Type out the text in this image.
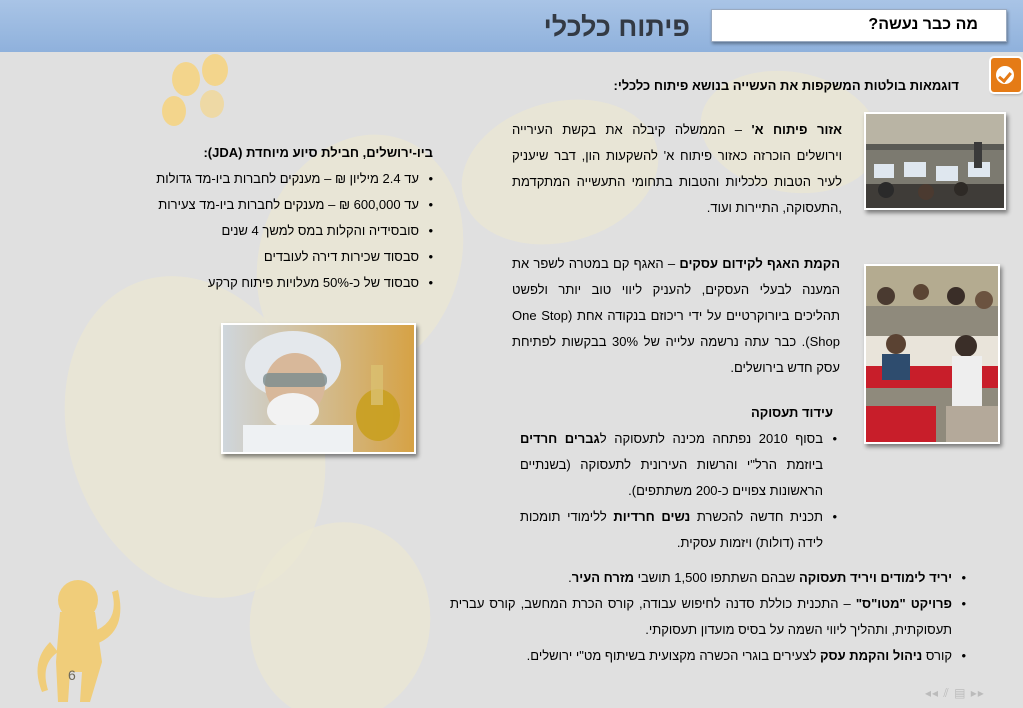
פיתוח כלכלי	מה כבר נעשה?
דוגמאות בולטות המשקפות את העשייה בנושא פיתוח כלכלי:
אזור פיתוח א' – הממשלה קיבלה את בקשת העירייה וירושלים הוכרזה כאזור פיתוח א' להשקעות הון, דבר שיעניק לעיר הטבות כלכליות והטבות בתחומי התעשייה המתקדמת ,התעסוקה, התיירות ועוד.
הקמת האגף לקידום עסקים – האגף קם במטרה לשפר את המענה לבעלי העסקים, להעניק ליווי טוב יותר ולפשט תהליכים ביורוקרטיים על ידי ריכוזם בנקודה אחת (One Stop Shop). כבר עתה נרשמה עלייה של 30% בבקשות לפתיחת עסק חדש בירושלים.
עידוד תעסוקה
• בסוף 2010 נפתחה מכינה לתעסוקה לגברים חרדים ביוזמת הרל"י והרשות העירונית לתעסוקה (בשנתיים הראשונות צפויים כ-200 משתתפים).
• תכנית חדשה להכשרת נשים חרדיות ללימודי תומכות לידה (דולות) ויזמות עסקית.
• יריד לימודים ויריד תעסוקה שבהם השתתפו 1,500 תושבי מזרח העיר.
• פרויקט "מטו"ס" – התכנית כוללת סדנה לחיפוש עבודה, קורס הכרת המחשב, קורס עברית תעסוקתית, ותהליך ליווי השמה על בסיס מועדון תעסוקתי.
• קורס ניהול והקמת עסק לצעירים בוגרי הכשרה מקצועית בשיתוף מט"י ירושלים.
ביו-ירושלים, חבילת סיוע מיוחדת (JDA):
• עד 2.4 מיליון ₪ – מענקים לחברות ביו-מד גדולות
• עד 600,000 ₪ – מענקים לחברות ביו-מד צעירות
• סובסידיה והקלות במס למשך 4 שנים
• סבסוד שכירות דירה לעובדים
• סבסוד של כ-50% מעלויות פיתוח קרקע
6
◂◂ ⫽ ▤ ▸▸
